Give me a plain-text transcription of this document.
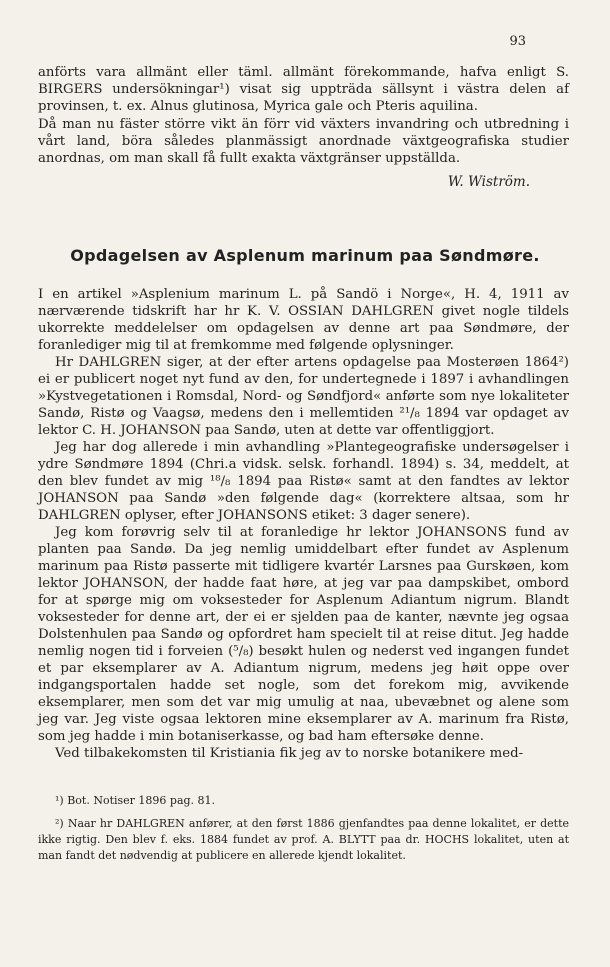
93

anförts vara allmänt eller täml. allmänt förekommande, hafva enligt S. BIRGERS undersökningar¹) visat sig uppträda sällsynt i västra delen af provinsen, t. ex. Alnus glutinosa, Myrica gale och Pteris aquilina.

Då man nu fäster större vikt än förr vid växters invandring och utbredning i vårt land, böra således planmässigt anordnade växtgeografiska studier anordnas, om man skall få fullt exakta växtgränser uppställda.

W. Wiström.
Opdagelsen av Asplenum marinum paa Søndmøre.

I en artikel »Asplenium marinum L. på Sandö i Norge«, H. 4, 1911 av nærværende tidskrift har hr K. V. OSSIAN DAHLGREN givet nogle tildels ukorrekte meddelelser om opdagelsen av denne art paa Søndmøre, der foranlediger mig til at fremkomme med følgende oplysninger.

Hr DAHLGREN siger, at der efter artens opdagelse paa Mosterøen 1864²) ei er publicert noget nyt fund av den, for undertegnede i 1897 i avhandlingen »Kystvegetationen i Romsdal, Nord- og Søndfjord« anførte som nye lokaliteter Sandø, Ristø og Vaagsø, medens den i mellemtiden ²¹/₈ 1894 var opdaget av lektor C. H. JOHANSON paa Sandø, uten at dette var offentliggjort.

Jeg har dog allerede i min avhandling »Plantegeografiske undersøgelser i ydre Søndmøre 1894 (Chri.a vidsk. selsk. forhandl. 1894) s. 34, meddelt, at den blev fundet av mig ¹⁸/₈ 1894 paa Ristø« samt at den fandtes av lektor JOHANSON paa Sandø »den følgende dag« (korrektere altsaa, som hr DAHLGREN oplyser, efter JOHANSONS etiket: 3 dager senere).

Jeg kom forøvrig selv til at foranledige hr lektor JOHANSONS fund av planten paa Sandø. Da jeg nemlig umiddelbart efter fundet av Asplenum marinum paa Ristø passerte mit tidligere kvartér Larsnes paa Gurskøen, kom lektor JOHANSON, der hadde faat høre, at jeg var paa dampskibet, ombord for at spørge mig om voksesteder for Asplenum Adiantum nigrum. Blandt voksesteder for denne art, der ei er sjelden paa de kanter, nævnte jeg ogsaa Dolstenhulen paa Sandø og opfordret ham specielt til at reise ditut. Jeg hadde nemlig nogen tid i forveien (⁵/₈) besøkt hulen og nederst ved ingangen fundet et par eksemplarer av A. Adiantum nigrum, medens jeg høit oppe over indgangsportalen hadde set nogle, som det forekom mig, avvikende eksemplarer, men som det var mig umulig at naa, ubevæbnet og alene som jeg var. Jeg viste ogsaa lektoren mine eksemplarer av A. marinum fra Ristø, som jeg hadde i min botaniserkasse, og bad ham eftersøke denne.

Ved tilbakekomsten til Kristiania fik jeg av to norske botanikere med-

¹) Bot. Notiser 1896 pag. 81.
²) Naar hr DAHLGREN anfører, at den først 1886 gjenfandtes paa denne lokalitet, er dette ikke rigtig. Den blev f. eks. 1884 fundet av prof. A. BLYTT paa dr. HOCHS lokalitet, uten at man fandt det nødvendig at publicere en allerede kjendt lokalitet.
